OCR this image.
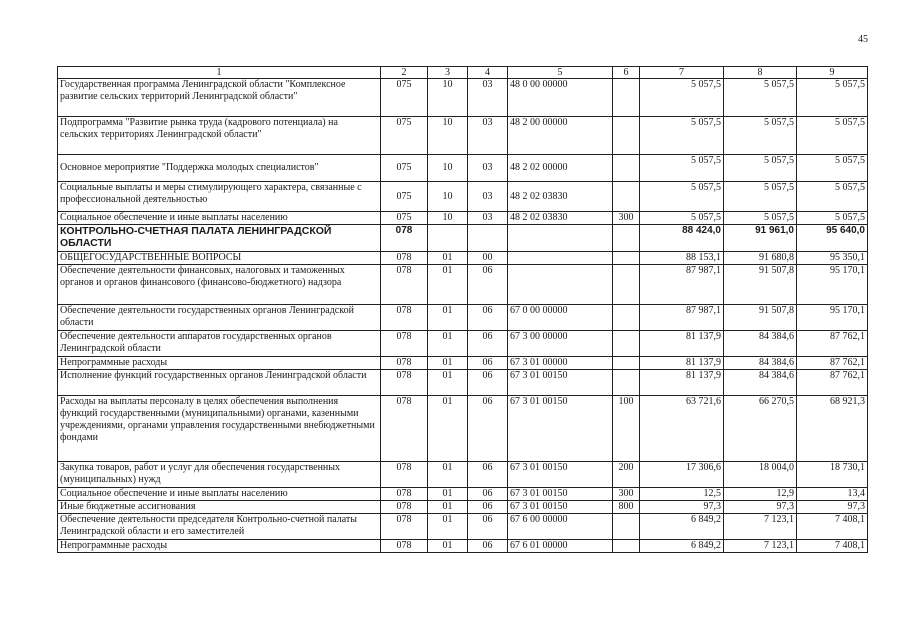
45
1	2	3	4	5	6	7	8	9
Государственная программа Ленинградской области "Комплексное развитие сельских территорий Ленинградской области"	075	10	03	48 0 00 00000		5 057,5	5 057,5	5 057,5
Подпрограмма "Развитие рынка труда (кадрового потенциала) на сельских территориях Ленинградской области"	075	10	03	48 2 00 00000		5 057,5	5 057,5	5 057,5
Основное мероприятие "Поддержка молодых специалистов"	075	10	03	48 2 02 00000		5 057,5	5 057,5	5 057,5
Социальные выплаты и меры стимулирующего характера, связанные с профессиональной деятельностью	075	10	03	48 2 02 03830		5 057,5	5 057,5	5 057,5
Социальное обеспечение и иные выплаты населению	075	10	03	48 2 02 03830	300	5 057,5	5 057,5	5 057,5
КОНТРОЛЬНО-СЧЕТНАЯ ПАЛАТА ЛЕНИНГРАДСКОЙ ОБЛАСТИ	078					88 424,0	91 961,0	95 640,0
ОБЩЕГОСУДАРСТВЕННЫЕ ВОПРОСЫ	078	01	00			88 153,1	91 680,8	95 350,1
Обеспечение деятельности финансовых, налоговых и таможенных органов и органов финансового (финансово-бюджетного) надзора	078	01	06			87 987,1	91 507,8	95 170,1
Обеспечение деятельности государственных органов Ленинградской области	078	01	06	67 0 00 00000		87 987,1	91 507,8	95 170,1
Обеспечение деятельности аппаратов государственных органов Ленинградской области	078	01	06	67 3 00 00000		81 137,9	84 384,6	87 762,1
Непрограммные расходы	078	01	06	67 3 01 00000		81 137,9	84 384,6	87 762,1
Исполнение функций государственных органов Ленинградской области	078	01	06	67 3 01 00150		81 137,9	84 384,6	87 762,1
Расходы на выплаты персоналу в целях обеспечения выполнения функций государственными (муниципальными) органами, казенными учреждениями, органами управления государственными внебюджетными фондами	078	01	06	67 3 01 00150	100	63 721,6	66 270,5	68 921,3
Закупка товаров, работ и услуг для обеспечения государственных (муниципальных) нужд	078	01	06	67 3 01 00150	200	17 306,6	18 004,0	18 730,1
Социальное обеспечение и иные выплаты населению	078	01	06	67 3 01 00150	300	12,5	12,9	13,4
Иные бюджетные ассигнования	078	01	06	67 3 01 00150	800	97,3	97,3	97,3
Обеспечение деятельности председателя Контрольно-счетной палаты Ленинградской области и его заместителей	078	01	06	67 6 00 00000		6 849,2	7 123,1	7 408,1
Непрограммные расходы	078	01	06	67 6 01 00000		6 849,2	7 123,1	7 408,1
